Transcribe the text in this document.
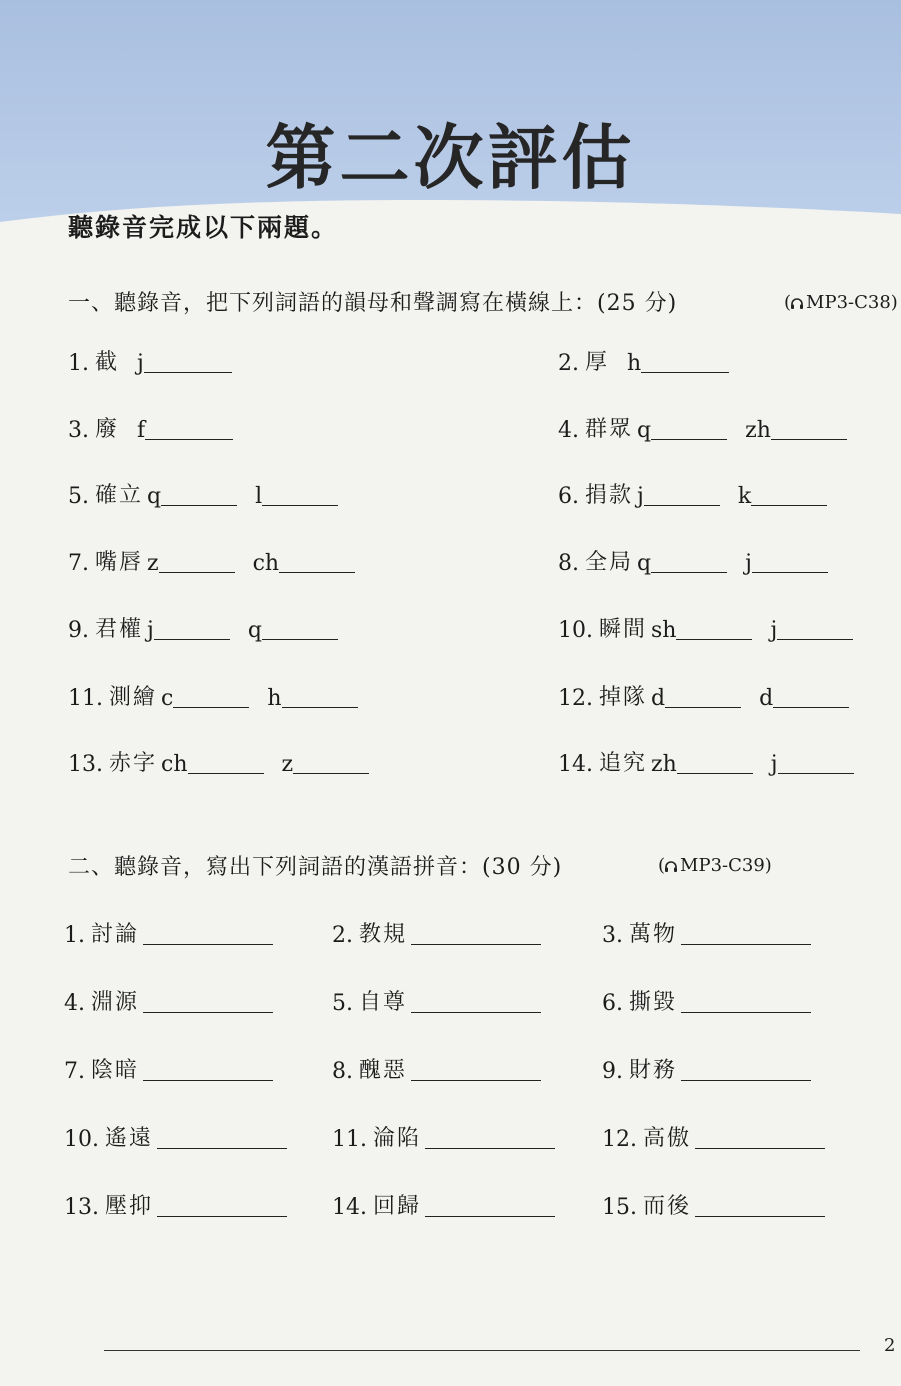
第二次評估
聽錄音完成以下兩題。
一、聽錄音，把下列詞語的韻母和聲調寫在橫線上：(25 分)	( MP3-C38)
1. 截 j	2. 厚 h
3. 廢 f	4. 群眾 q	zh
5. 確立 q	l	6. 捐款 j	k
7. 嘴唇 z	ch	8. 全局 q	j
9. 君權 j	q	10. 瞬間 sh	j
11. 測繪 c	h	12. 掉隊 d	d
13. 赤字 ch	z	14. 追究 zh	j
二、聽錄音，寫出下列詞語的漢語拼音：(30 分)	( MP3-C39)
1. 討論	2. 教規	3. 萬物
4. 淵源	5. 自尊	6. 撕毀
7. 陰暗	8. 醜惡	9. 財務
10. 遙遠	11. 淪陷	12. 高傲
13. 壓抑	14. 回歸	15. 而後
2
